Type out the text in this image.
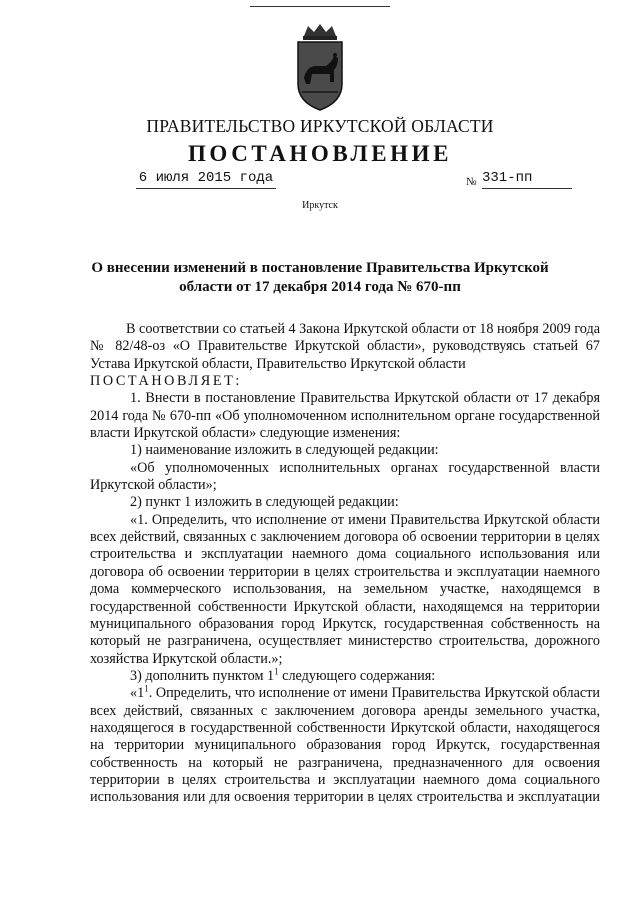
ПРАВИТЕЛЬСТВО ИРКУТСКОЙ ОБЛАСТИ
ПОСТАНОВЛЕНИЕ
6 июля 2015 года	№ 331-пп
Иркутск
О внесении изменений в постановление Правительства Иркутской
области от 17 декабря 2014 года № 670-пп

В соответствии со статьей 4 Закона Иркутской области от 18 ноября 2009 года № 82/48-оз «О Правительстве Иркутской области», руководствуясь статьей 67 Устава Иркутской области, Правительство Иркутской области

ПОСТАНОВЛЯЕТ:

1. Внести в постановление Правительства Иркутской области от 17 декабря 2014 года № 670-пп «Об уполномоченном исполнительном органе государственной власти Иркутской области» следующие изменения:

1) наименование изложить в следующей редакции:

«Об уполномоченных исполнительных органах государственной власти Иркутской области»;

2) пункт 1 изложить в следующей редакции:

«1. Определить, что исполнение от имени Правительства Иркутской области всех действий, связанных с заключением договора об освоении территории в целях строительства и эксплуатации наемного дома социального использования или договора об освоении территории в целях строительства и эксплуатации наемного дома коммерческого использования, на земельном участке, находящемся в государственной собственности Иркутской области, находящемся на территории муниципального образования город Иркутск, государственная собственность на который не разграничена, осуществляет министерство строительства, дорожного хозяйства Иркутской области.»;

3) дополнить пунктом $1^1$ следующего содержания:

«$1^1$. Определить, что исполнение от имени Правительства Иркутской области всех действий, связанных с заключением договора аренды земельного участка, находящегося в государственной собственности Иркутской области, находящегося на территории муниципального образования город Иркутск, государственная собственность на который не разграничена, предназначенного для освоения территории в целях строительства и эксплуатации наемного дома социального использования или для освоения территории в целях строительства и эксплуатации
